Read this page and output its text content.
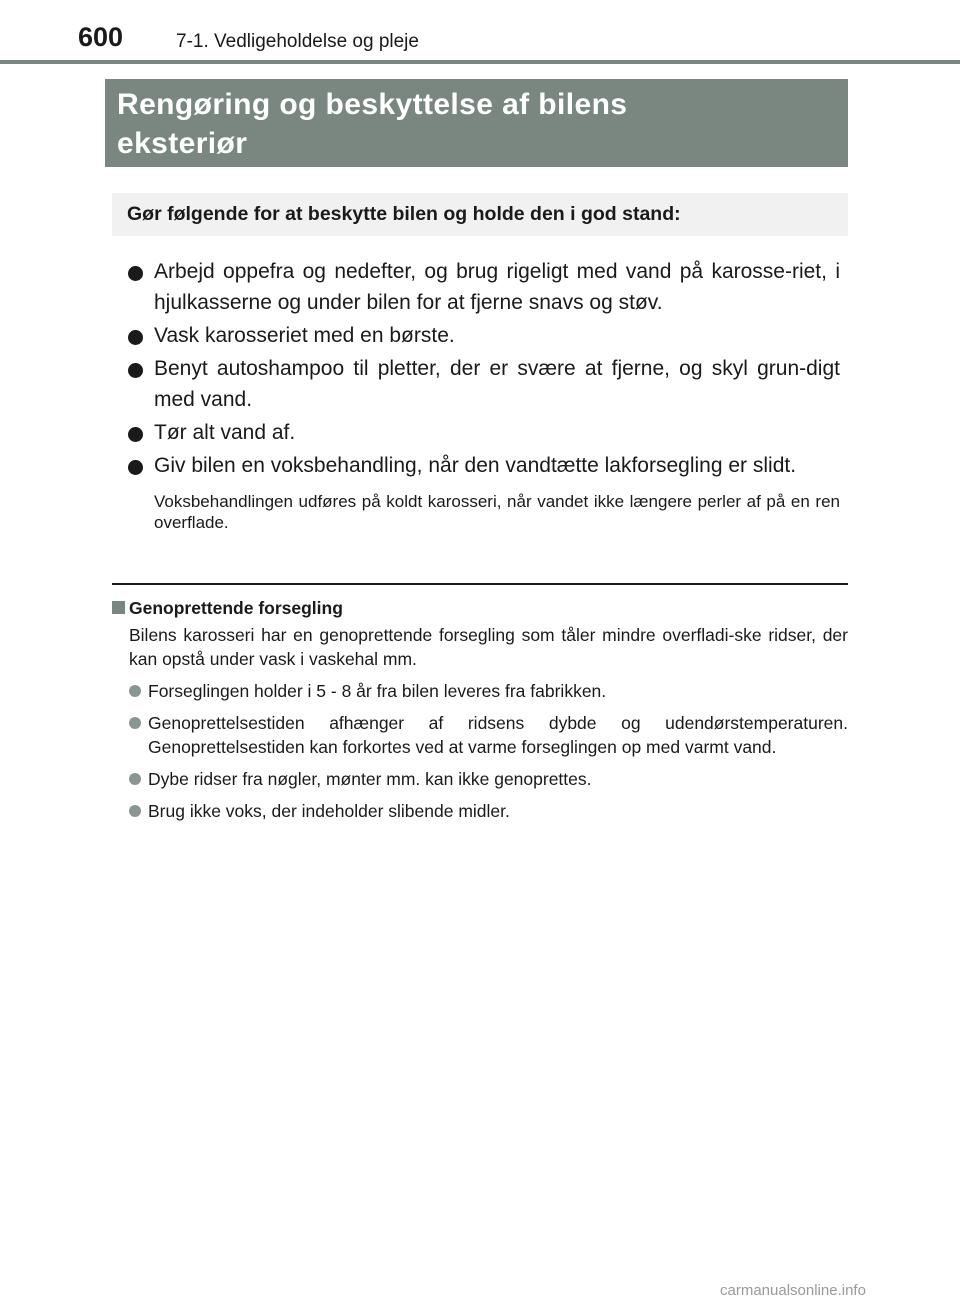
600	7-1. Vedligeholdelse og pleje

Rengøring og beskyttelse af bilens
eksteriør

Gør følgende for at beskytte bilen og holde den i god stand:
Arbejd oppefra og nedefter, og brug rigeligt med vand på karosse-riet, i hjulkasserne og under bilen for at fjerne snavs og støv.
Vask karosseriet med en børste.
Benyt autoshampoo til pletter, der er svære at fjerne, og skyl grun-digt med vand.
Tør alt vand af.
Giv bilen en voksbehandling, når den vandtætte lakforsegling er slidt.
Voksbehandlingen udføres på koldt karosseri, når vandet ikke længere perler af på en ren overflade.
Genoprettende forsegling
Bilens karosseri har en genoprettende forsegling som tåler mindre overfladi-ske ridser, der kan opstå under vask i vaskehal mm.
Forseglingen holder i 5 - 8 år fra bilen leveres fra fabrikken.
Genoprettelsestiden afhænger af ridsens dybde og udendørstemperaturen. Genoprettelsestiden kan forkortes ved at varme forseglingen op med varmt vand.
Dybe ridser fra nøgler, mønter mm. kan ikke genoprettes.
Brug ikke voks, der indeholder slibende midler.
carmanualsonline.info
